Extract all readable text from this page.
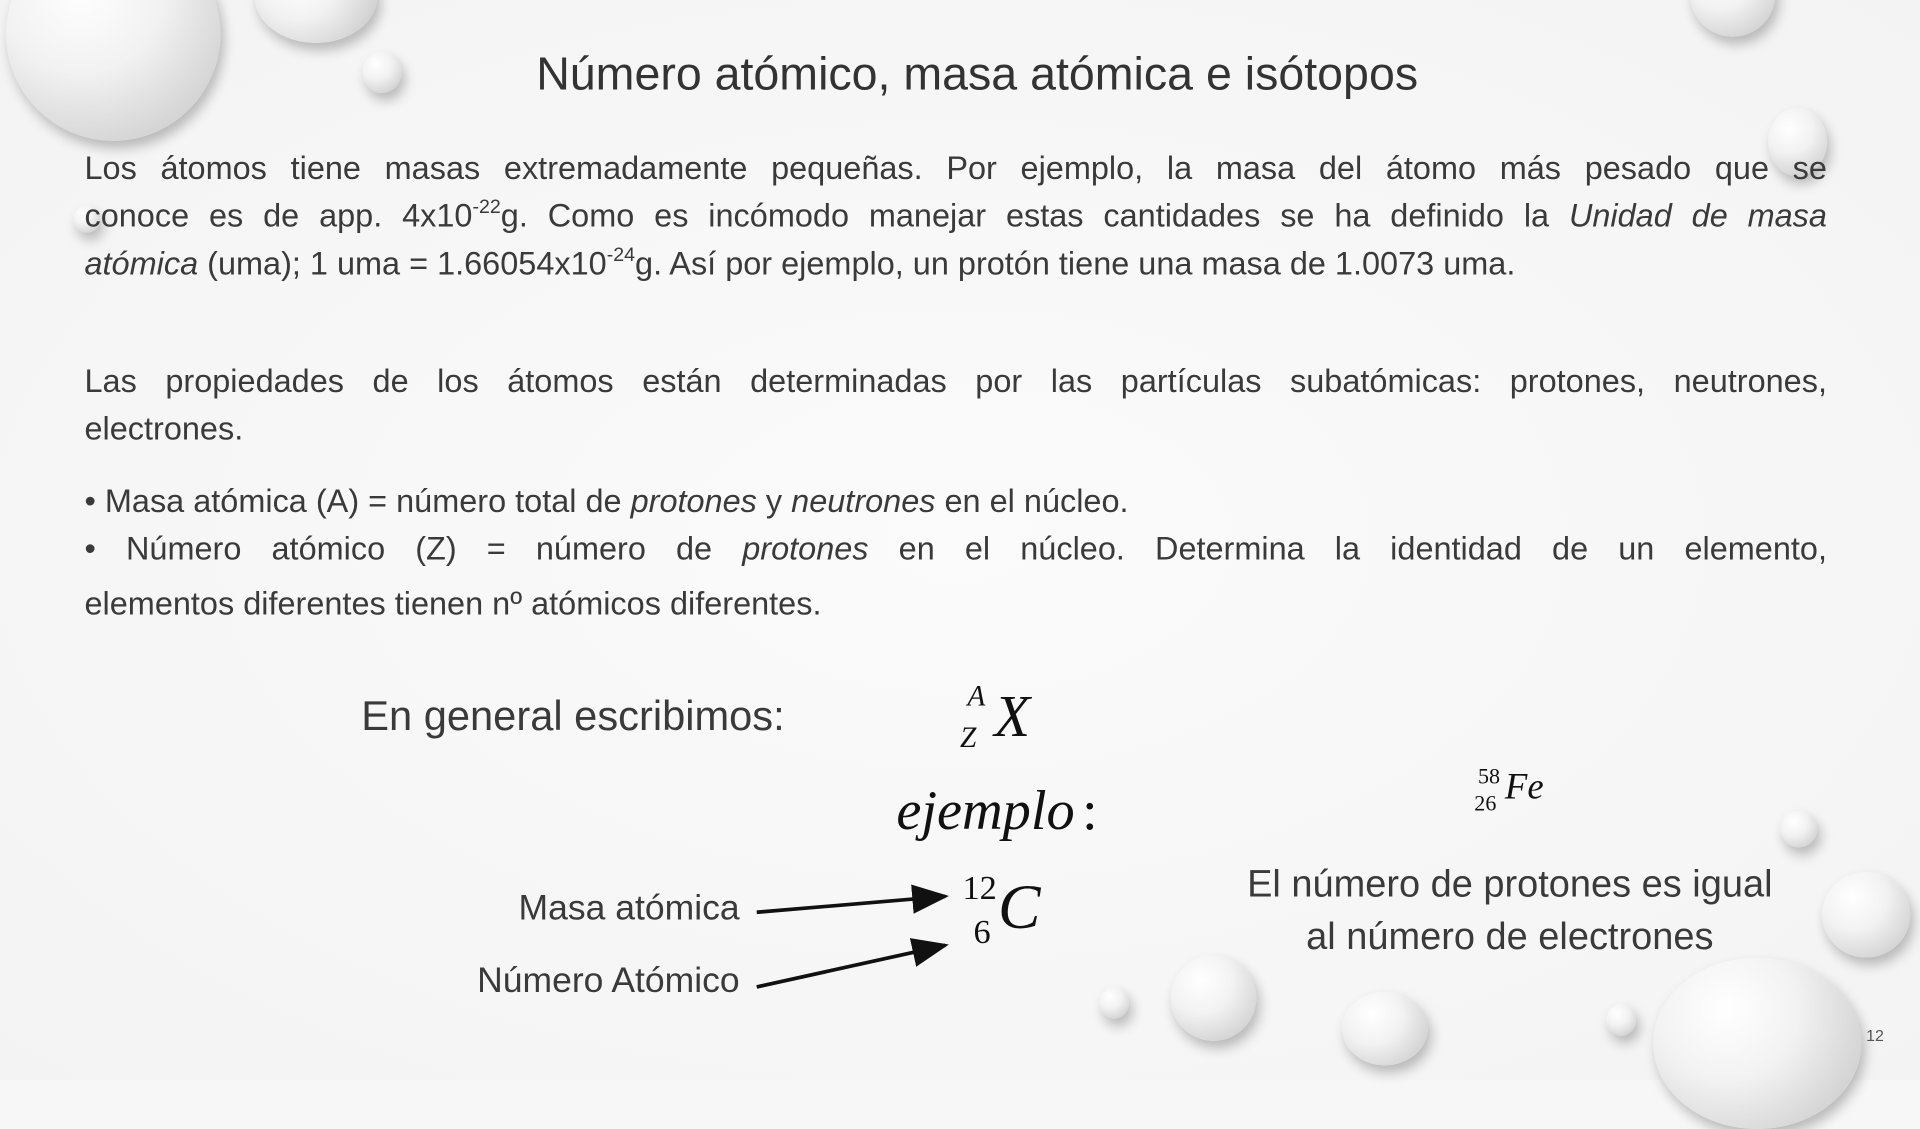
Número atómico, masa atómica e isótopos
Los átomos tiene masas extremadamente pequeñas. Por ejemplo, la masa del átomo más pesado que se
conoce es de app. $4x10^{-22}g$. Como es incómodo manejar estas cantidades se ha definido la Unidad de masa
atómica (uma); 1 uma = $1.66054x10^{-24}g$. Así por ejemplo, un protón tiene una masa de 1.0073 uma.
Las propiedades de los átomos están determinadas por las partículas subatómicas: protones, neutrones,
electrones.
• Masa atómica (A) = número total de protones y neutrones en el núcleo.
• Número atómico (Z) = número de protones en el núcleo. Determina la identidad de un elemento,
elementos diferentes tienen nº atómicos diferentes.
En general escribimos:	A
Z X
ejemplo :
58
26 Fe
Masa atómica
Número Atómico
12
6 C	El número de protones es igual
al número de electrones
12
